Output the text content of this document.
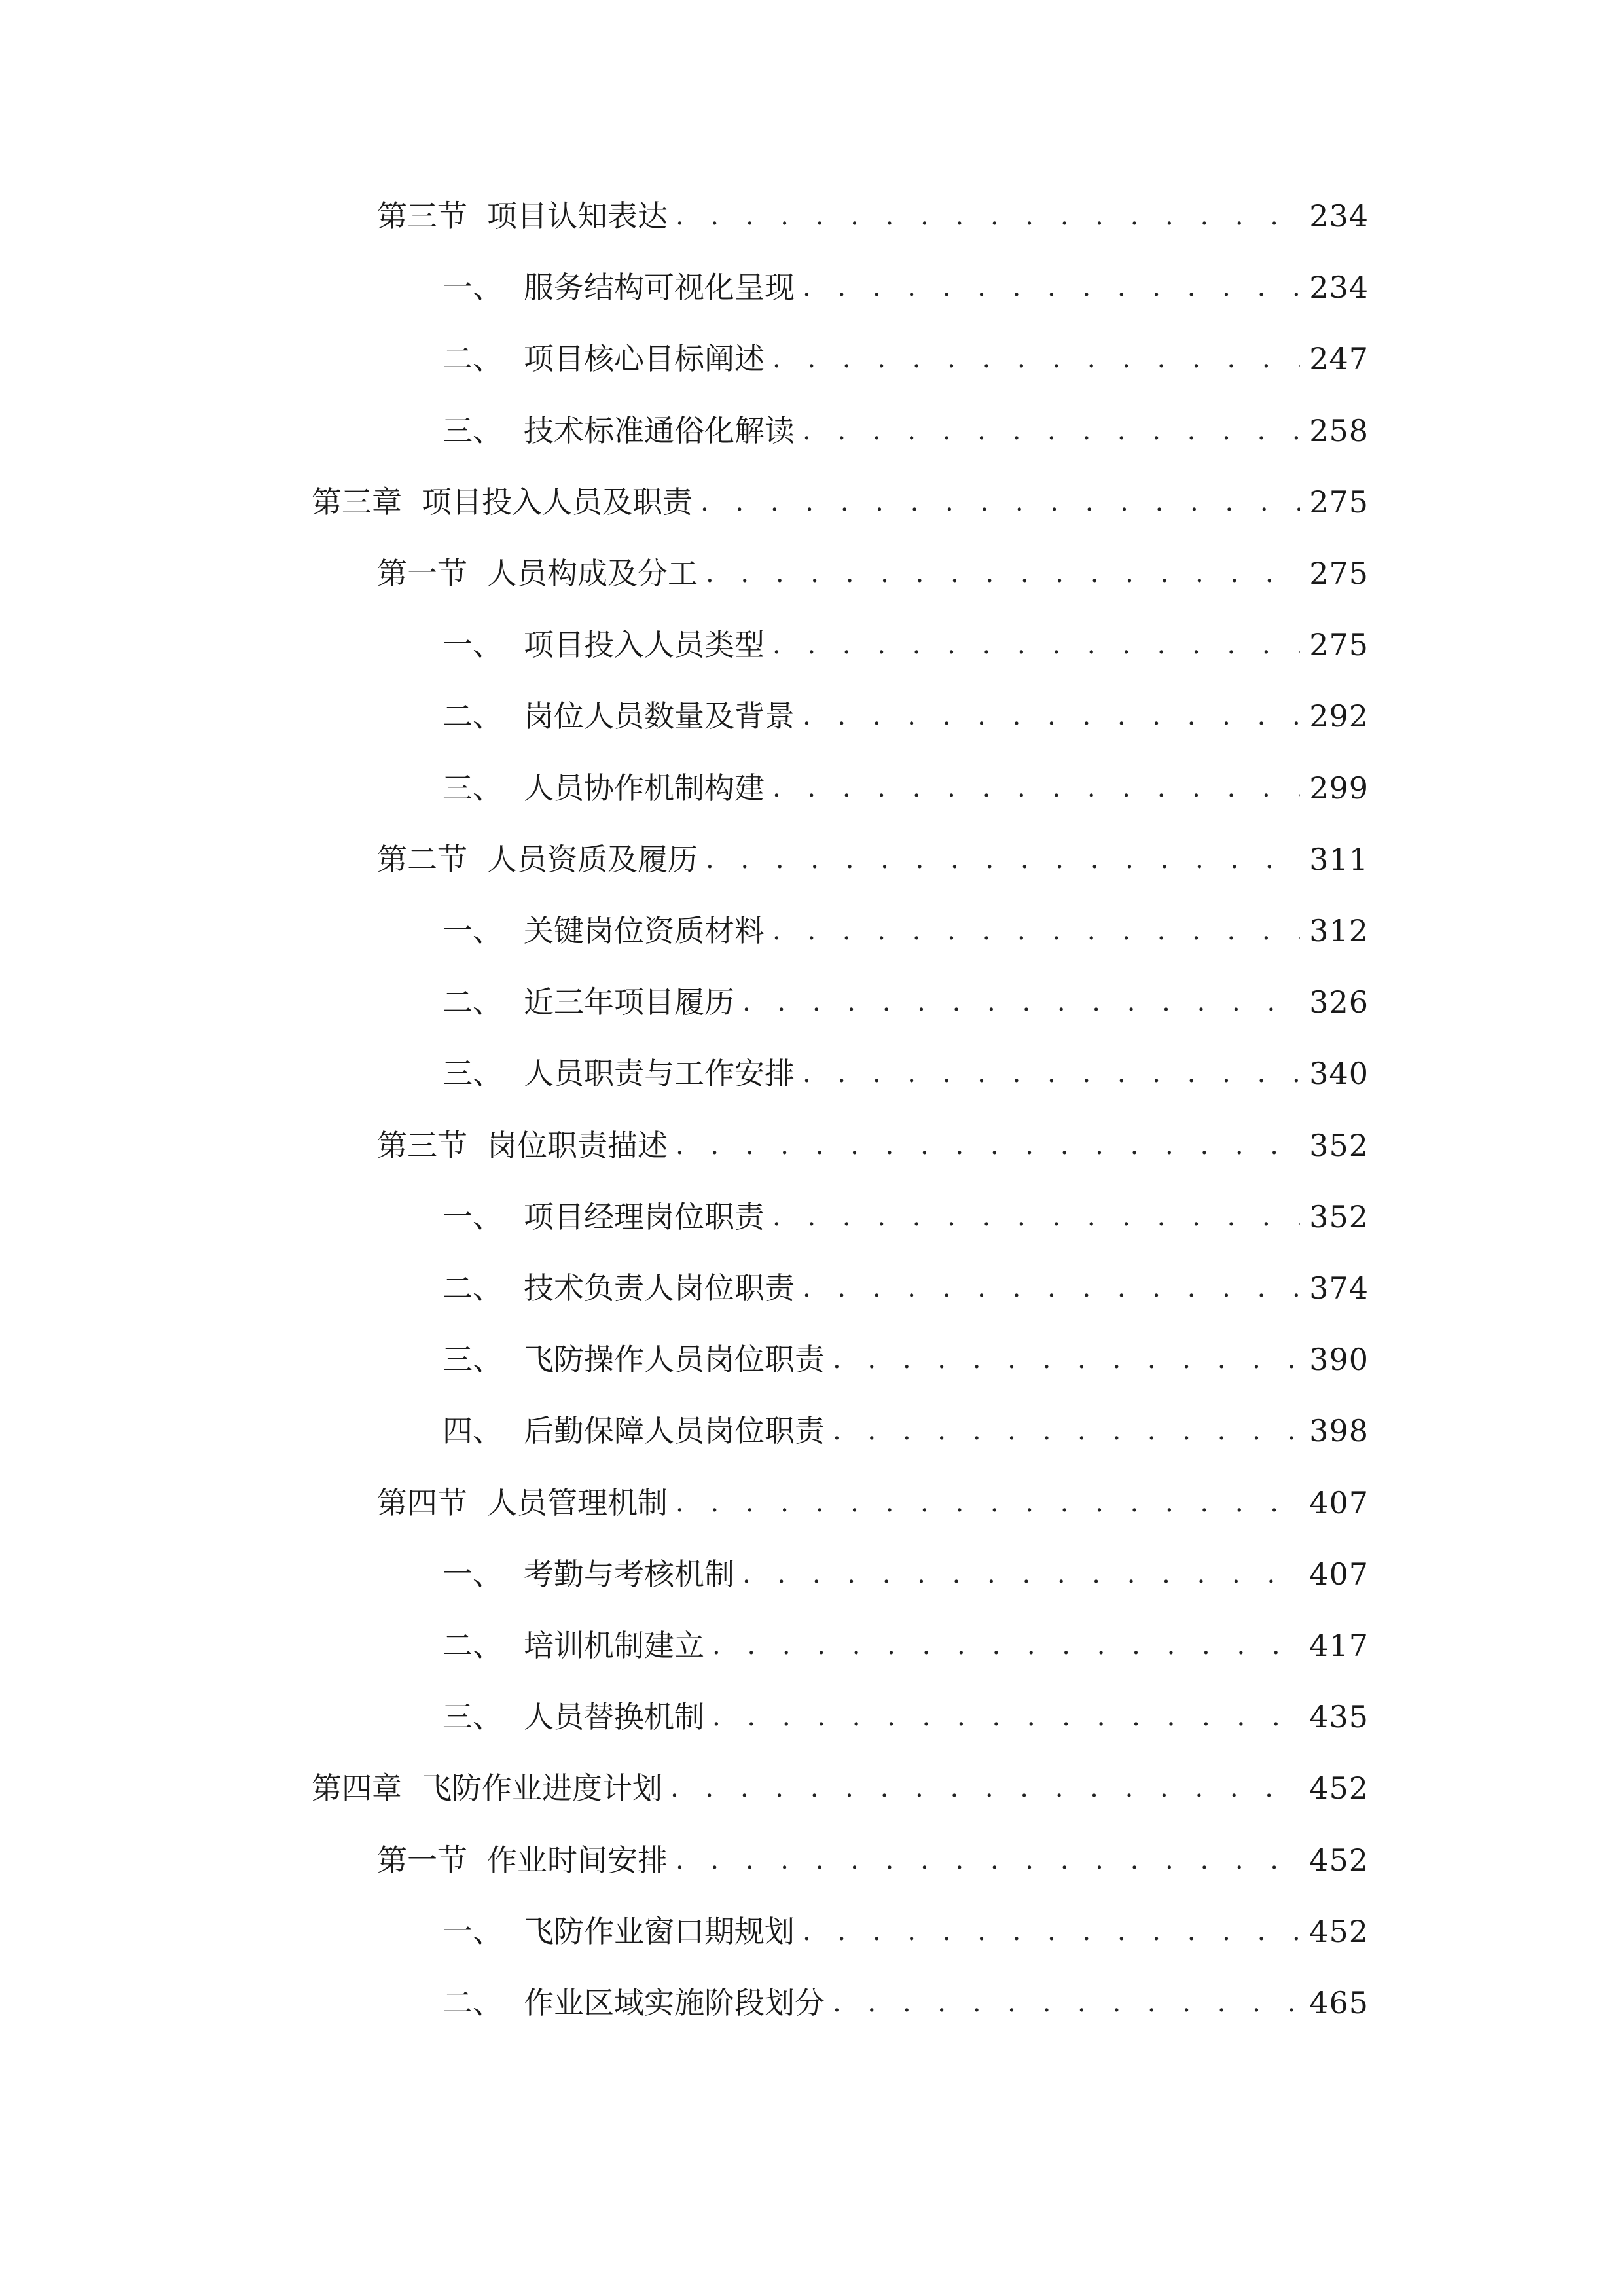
第三节 项目认知表达 . . .	234
一、 服务结构可视化呈现 . . .	234
二、 项目核心目标阐述 . . .	247
三、 技术标准通俗化解读 . . .	258
第三章 项目投入人员及职责 . . .	275
第一节 人员构成及分工 . . .	275
一、 项目投入人员类型 . . .	275
二、 岗位人员数量及背景 . . .	292
三、 人员协作机制构建 . . .	299
第二节 人员资质及履历 . . .	311
一、 关键岗位资质材料 . . .	312
二、 近三年项目履历 . . .	326
三、 人员职责与工作安排 . . .	340
第三节 岗位职责描述 . . .	352
一、 项目经理岗位职责 . . .	352
二、 技术负责人岗位职责 . . .	374
三、 飞防操作人员岗位职责 . . .	390
四、 后勤保障人员岗位职责 . . .	398
第四节 人员管理机制 . . .	407
一、 考勤与考核机制 . . .	407
二、 培训机制建立 . . .	417
三、 人员替换机制 . . .	435
第四章 飞防作业进度计划 . . .	452
第一节 作业时间安排 . . .	452
一、 飞防作业窗口期规划 . . .	452
二、 作业区域实施阶段划分 . . .	465
